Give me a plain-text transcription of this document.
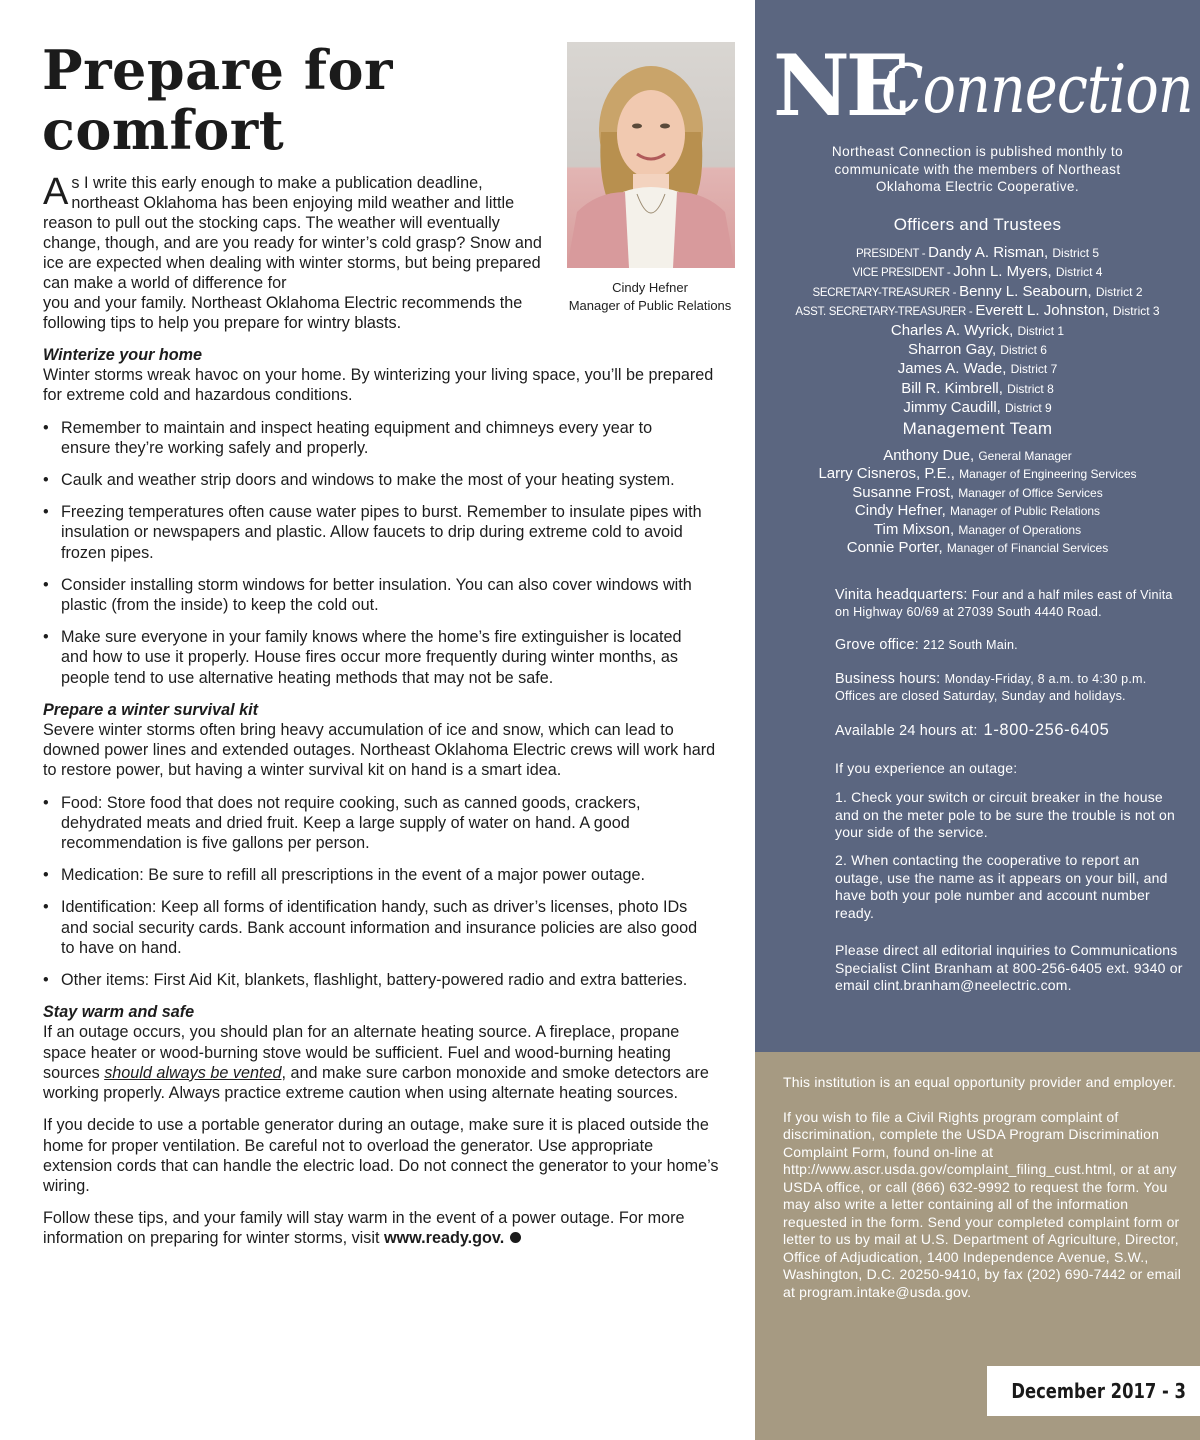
Prepare for comfort
Cindy Hefner
Manager of Public Relations
As I write this early enough to make a publication deadline, northeast Oklahoma has been enjoying mild weather and little reason to pull out the stocking caps. The weather will eventually change, though, and are you ready for winter’s cold grasp? Snow and ice are expected when dealing with winter storms, but being prepared can make a world of difference for
you and your family. Northeast Oklahoma Electric recommends the following tips to help you prepare for wintry blasts.
Winterize your home
Winter storms wreak havoc on your home. By winterizing your living space, you’ll be prepared for extreme cold and hazardous conditions.
• Remember to maintain and inspect heating equipment and chimneys every year to ensure they’re working safely and properly.
• Caulk and weather strip doors and windows to make the most of your heating system.
• Freezing temperatures often cause water pipes to burst. Remember to insulate pipes with insulation or newspapers and plastic. Allow faucets to drip during extreme cold to avoid frozen pipes.
• Consider installing storm windows for better insulation. You can also cover windows with plastic (from the inside) to keep the cold out.
• Make sure everyone in your family knows where the home’s fire extinguisher is located and how to use it properly. House fires occur more frequently during winter months, as people tend to use alternative heating methods that may not be safe.
Prepare a winter survival kit
Severe winter storms often bring heavy accumulation of ice and snow, which can lead to downed power lines and extended outages. Northeast Oklahoma Electric crews will work hard to restore power, but having a winter survival kit on hand is a smart idea.
• Food: Store food that does not require cooking, such as canned goods, crackers, dehydrated meats and dried fruit. Keep a large supply of water on hand. A good recommendation is five gallons per person.
• Medication: Be sure to refill all prescriptions in the event of a major power outage.
• Identification: Keep all forms of identification handy, such as driver’s licenses, photo IDs and social security cards. Bank account information and insurance policies are also good to have on hand.
• Other items: First Aid Kit, blankets, flashlight, battery-powered radio and extra batteries.
Stay warm and safe
If an outage occurs, you should plan for an alternate heating source. A fireplace, propane space heater or wood-burning stove would be sufficient. Fuel and wood-burning heating sources should always be vented, and make sure carbon monoxide and smoke detectors are working properly. Always practice extreme caution when using alternate heating sources.
If you decide to use a portable generator during an outage, make sure it is placed outside the home for proper ventilation. Be careful not to overload the generator. Use appropriate extension cords that can handle the electric load. Do not connect the generator to your home’s wiring.
Follow these tips, and your family will stay warm in the event of a power outage. For more information on preparing for winter storms, visit www.ready.gov.
NE
Connection
Northeast Connection is published monthly to communicate with the members of Northeast Oklahoma Electric Cooperative.
Officers and Trustees
PRESIDENT - Dandy A. Risman, District 5
VICE PRESIDENT - John L. Myers, District 4
SECRETARY-TREASURER - Benny L. Seabourn, District 2
ASST. SECRETARY-TREASURER - Everett L. Johnston, District 3
Charles A. Wyrick, District 1
Sharron Gay, District 6
James A. Wade, District 7
Bill R. Kimbrell, District 8
Jimmy Caudill, District 9
Management Team
Anthony Due, General Manager
Larry Cisneros, P.E., Manager of Engineering Services
Susanne Frost, Manager of Office Services
Cindy Hefner, Manager of Public Relations
Tim Mixson, Manager of Operations
Connie Porter, Manager of Financial Services
Vinita headquarters: Four and a half miles east of Vinita on Highway 60/69 at 27039 South 4440 Road.
Grove office: 212 South Main.
Business hours: Monday-Friday, 8 a.m. to 4:30 p.m. Offices are closed Saturday, Sunday and holidays.
Available 24 hours at: 1-800-256-6405
If you experience an outage:
1. Check your switch or circuit breaker in the house and on the meter pole to be sure the trouble is not on your side of the service.
2. When contacting the cooperative to report an outage, use the name as it appears on your bill, and have both your pole number and account number ready.
Please direct all editorial inquiries to Communications Specialist Clint Branham at 800-256-6405 ext. 9340 or email clint.branham@neelectric.com.

This institution is an equal opportunity provider and employer.

If you wish to file a Civil Rights program complaint of discrimination, complete the USDA Program Discrimination Complaint Form, found on-line at http://www.ascr.usda.gov/complaint_filing_cust.html, or at any USDA office, or call (866) 632-9992 to request the form. You may also write a letter containing all of the information requested in the form. Send your completed complaint form or letter to us by mail at U.S. Department of Agriculture, Director, Office of Adjudication, 1400 Independence Avenue, S.W., Washington, D.C. 20250-9410, by fax (202) 690-7442 or email at program.intake@usda.gov.

December 2017 - 3
